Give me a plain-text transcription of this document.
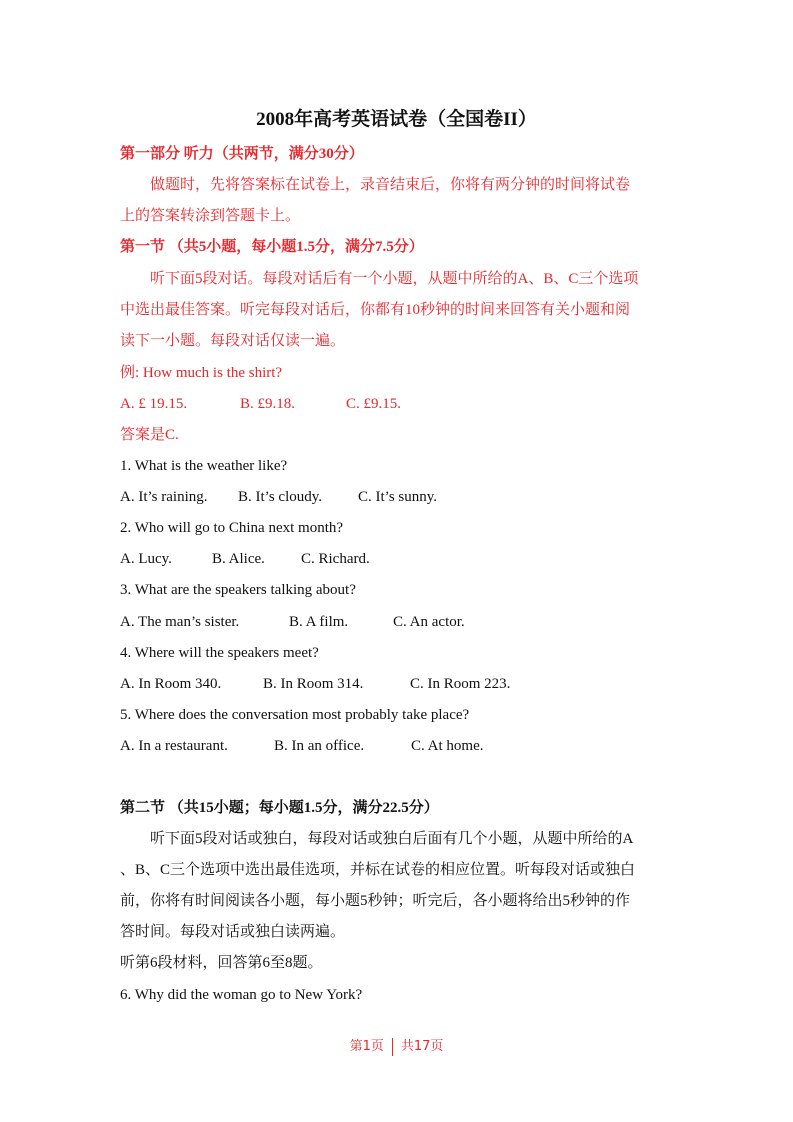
2008年高考英语试卷（全国卷II）
第一部分 听力（共两节，满分30分）
做题时，先将答案标在试卷上，录音结束后，你将有两分钟的时间将试卷
上的答案转涂到答题卡上。
第一节 （共5小题，每小题1.5分，满分7.5分）
听下面5段对话。每段对话后有一个小题，从题中所给的A、B、C三个选项
中选出最佳答案。听完每段对话后，你都有10秒钟的时间来回答有关小题和阅
读下一小题。每段对话仅读一遍。
例: How much is the shirt?
A. £ 19.15.	B. £9.18.	C. £9.15.
答案是C.
1. What is the weather like?
A. It’s raining. B. It’s cloudy. C. It’s sunny.
2. Who will go to China next month?
A. Lucy.	B. Alice. C. Richard.
3. What are the speakers talking about?
A. The man’s sister.	B. A film.	C. An actor.
4. Where will the speakers meet?
A. In Room 340.	B. In Room 314.	C. In Room 223.
5. Where does the conversation most probably take place?
A. In a restaurant.	B. In an office.	C. At home.
第二节 （共15小题；每小题1.5分，满分22.5分）
听下面5段对话或独白，每段对话或独白后面有几个小题，从题中所给的A
、B、C三个选项中选出最佳选项，并标在试卷的相应位置。听每段对话或独白
前，你将有时间阅读各小题，每小题5秒钟；听完后，各小题将给出5秒钟的作
答时间。每段对话或独白读两遍。
听第6段材料，回答第6至8题。
6. Why did the woman go to New York?
第1页 共17页
